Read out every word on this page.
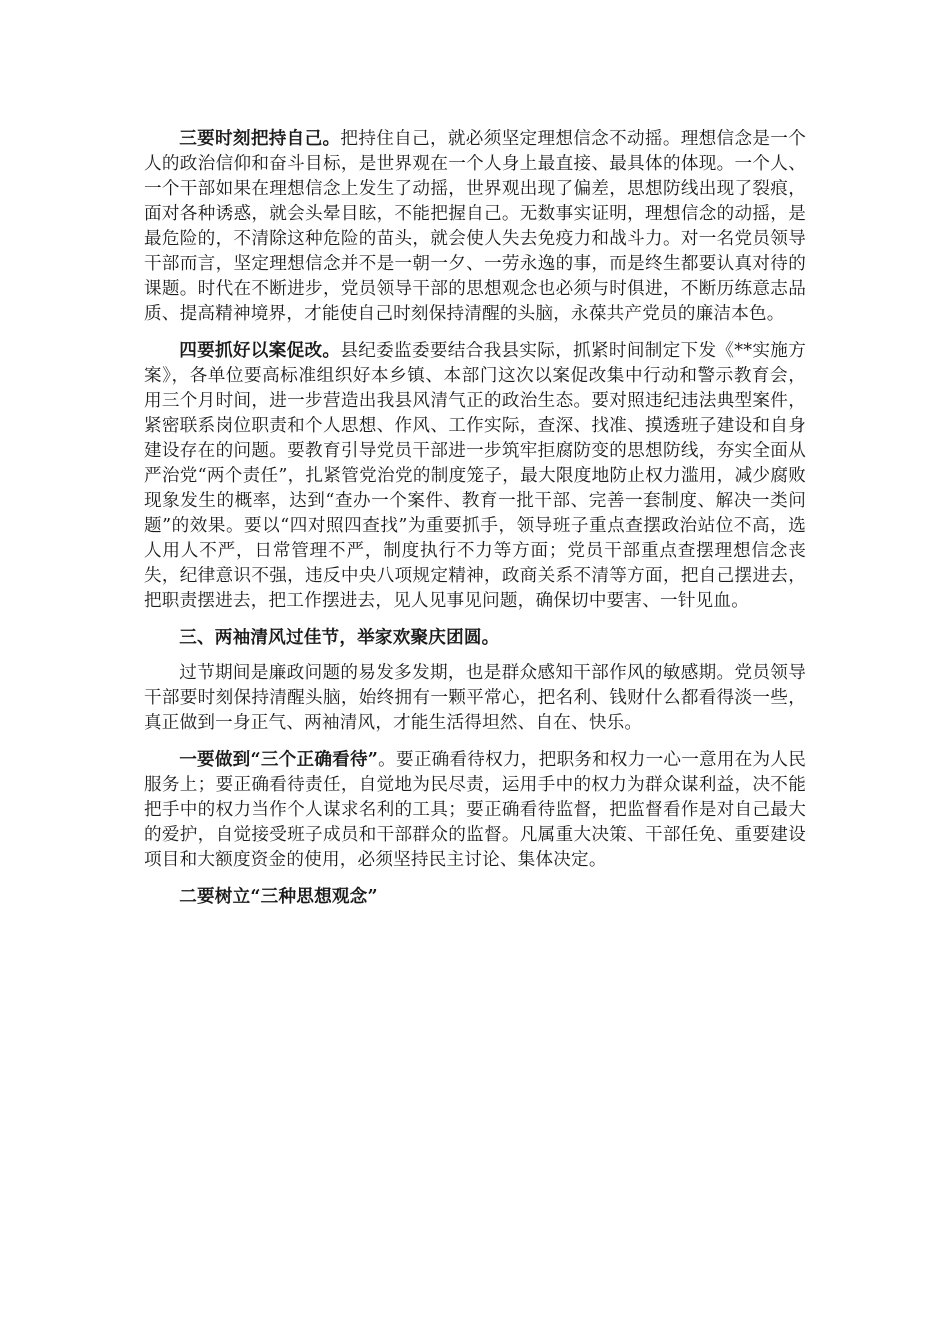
三要时刻把持自己。把持住自己，就必须坚定理想信念不动摇。理想信念是一个人的政治信仰和奋斗目标，是世界观在一个人身上最直接、最具体的体现。一个人、一个干部如果在理想信念上发生了动摇，世界观出现了偏差，思想防线出现了裂痕，面对各种诱惑，就会头晕目眩，不能把握自己。无数事实证明，理想信念的动摇，是最危险的，不清除这种危险的苗头，就会使人失去免疫力和战斗力。对一名党员领导干部而言，坚定理想信念并不是一朝一夕、一劳永逸的事，而是终生都要认真对待的课题。时代在不断进步，党员领导干部的思想观念也必须与时俱进，不断历练意志品质、提高精神境界，才能使自己时刻保持清醒的头脑，永葆共产党员的廉洁本色。

四要抓好以案促改。县纪委监委要结合我县实际，抓紧时间制定下发《**实施方案》，各单位要高标准组织好本乡镇、本部门这次以案促改集中行动和警示教育会，用三个月时间，进一步营造出我县风清气正的政治生态。要对照违纪违法典型案件，紧密联系岗位职责和个人思想、作风、工作实际，查深、找准、摸透班子建设和自身建设存在的问题。要教育引导党员干部进一步筑牢拒腐防变的思想防线，夯实全面从严治党“两个责任”，扎紧管党治党的制度笼子，最大限度地防止权力滥用，减少腐败现象发生的概率，达到“查办一个案件、教育一批干部、完善一套制度、解决一类问题”的效果。要以“四对照四查找”为重要抓手，领导班子重点查摆政治站位不高，选人用人不严，日常管理不严，制度执行不力等方面；党员干部重点查摆理想信念丧失，纪律意识不强，违反中央八项规定精神，政商关系不清等方面，把自己摆进去，把职责摆进去，把工作摆进去，见人见事见问题，确保切中要害、一针见血。

三、两袖清风过佳节，举家欢聚庆团圆。

过节期间是廉政问题的易发多发期，也是群众感知干部作风的敏感期。党员领导干部要时刻保持清醒头脑，始终拥有一颗平常心，把名利、钱财什么都看得淡一些，真正做到一身正气、两袖清风，才能生活得坦然、自在、快乐。

一要做到“三个正确看待”。要正确看待权力，把职务和权力一心一意用在为人民服务上；要正确看待责任，自觉地为民尽责，运用手中的权力为群众谋利益，决不能把手中的权力当作个人谋求名利的工具；要正确看待监督，把监督看作是对自己最大的爱护，自觉接受班子成员和干部群众的监督。凡属重大决策、干部任免、重要建设项目和大额度资金的使用，必须坚持民主讨论、集体决定。

二要树立“三种思想观念”
